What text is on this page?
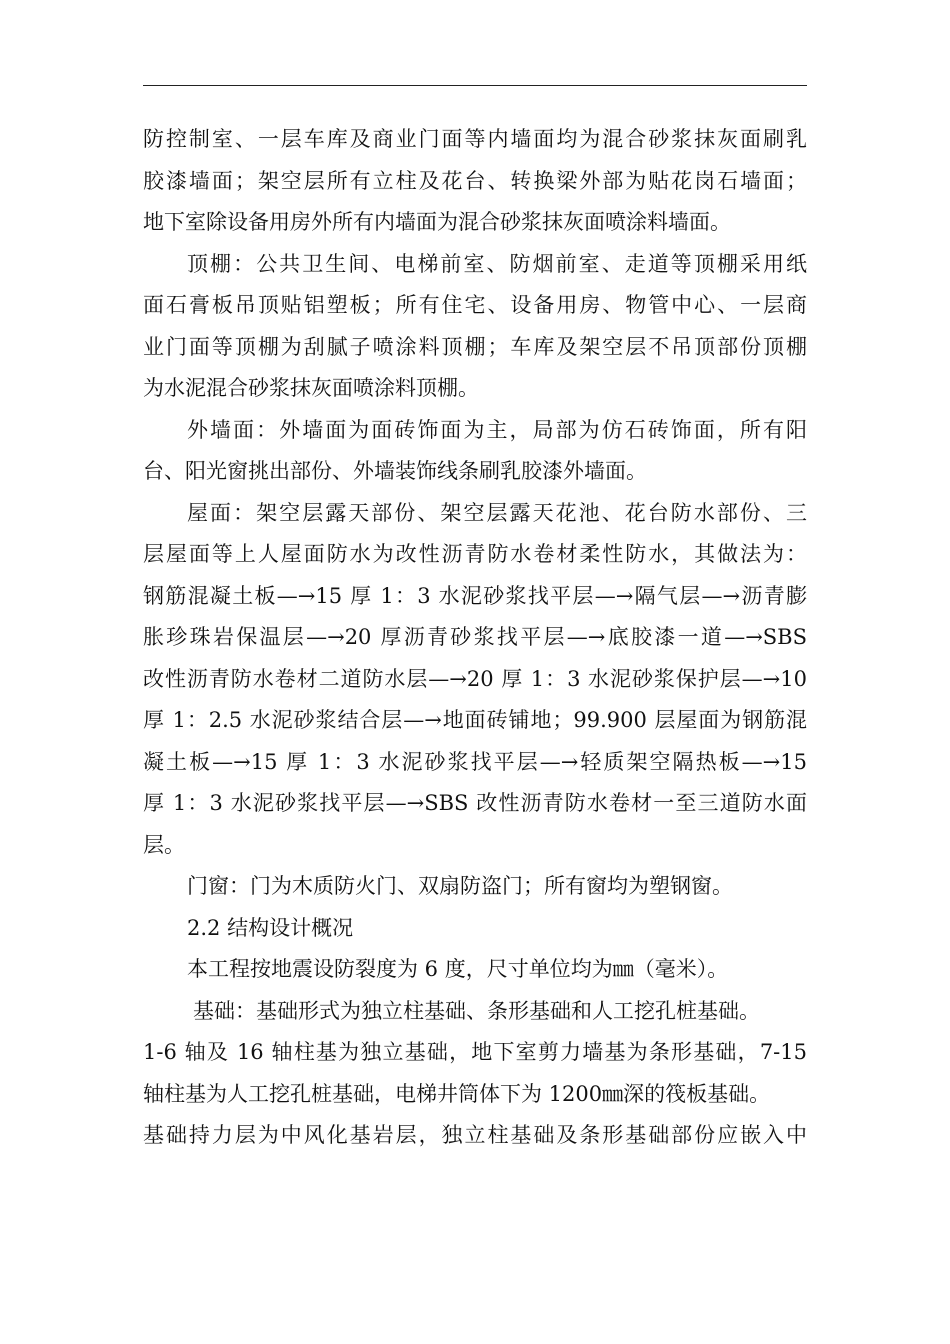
防控制室、一层车库及商业门面等内墙面均为混合砂浆抹灰面刷乳
胶漆墙面；架空层所有立柱及花台、转换梁外部为贴花岗石墙面；
地下室除设备用房外所有内墙面为混合砂浆抹灰面喷涂料墙面。
顶棚：公共卫生间、电梯前室、防烟前室、走道等顶棚采用纸
面石膏板吊顶贴铝塑板；所有住宅、设备用房、物管中心、一层商
业门面等顶棚为刮腻子喷涂料顶棚；车库及架空层不吊顶部份顶棚
为水泥混合砂浆抹灰面喷涂料顶棚。
外墙面：外墙面为面砖饰面为主，局部为仿石砖饰面，所有阳
台、阳光窗挑出部份、外墙装饰线条刷乳胶漆外墙面。
屋面：架空层露天部份、架空层露天花池、花台防水部份、三
层屋面等上人屋面防水为改性沥青防水卷材柔性防水，其做法为：
钢筋混凝土板—→15 厚 1：3 水泥砂浆找平层—→隔气层—→沥青膨
胀珍珠岩保温层—→20 厚沥青砂浆找平层—→底胶漆一道—→SBS
改性沥青防水卷材二道防水层—→20 厚 1：3 水泥砂浆保护层—→10
厚 1：2.5 水泥砂浆结合层—→地面砖铺地；99.900 层屋面为钢筋混
凝土板—→15 厚 1：3 水泥砂浆找平层—→轻质架空隔热板—→15
厚 1：3 水泥砂浆找平层—→SBS 改性沥青防水卷材一至三道防水面
层。
门窗：门为木质防火门、双扇防盗门；所有窗均为塑钢窗。
2.2 结构设计概况
本工程按地震设防裂度为 6 度，尺寸单位均为㎜（毫米）。
基础：基础形式为独立柱基础、条形基础和人工挖孔桩基础。
1-6 轴及 16 轴柱基为独立基础，地下室剪力墙基为条形基础，7-15
轴柱基为人工挖孔桩基础，电梯井筒体下为 1200㎜深的筏板基础。
基础持力层为中风化基岩层，独立柱基础及条形基础部份应嵌入中
